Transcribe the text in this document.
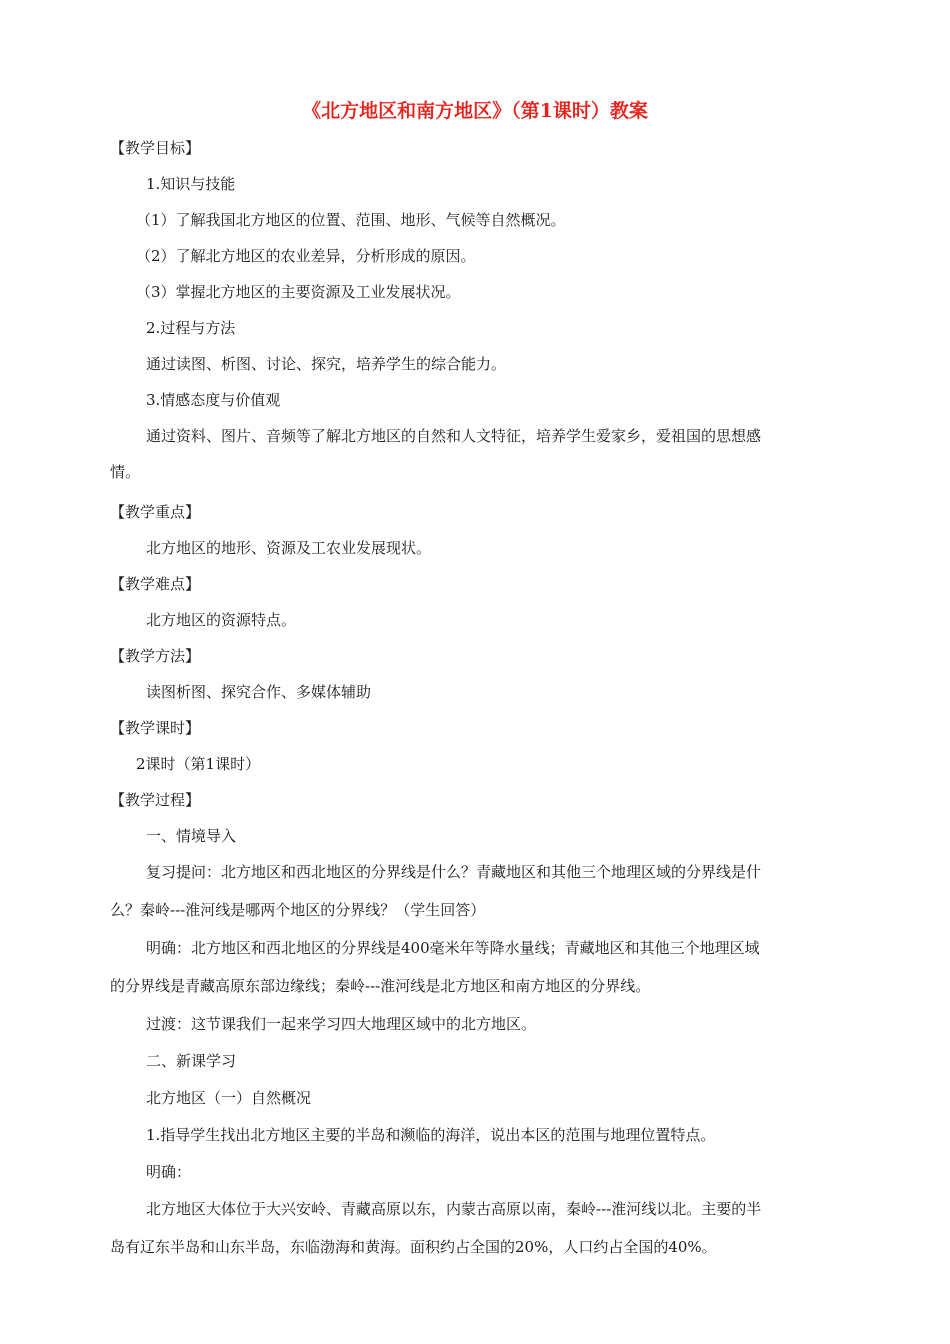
《北方地区和南方地区》（第1课时）教案
【教学目标】
1.知识与技能
（1）了解我国北方地区的位置、范围、地形、气候等自然概况。
（2）了解北方地区的农业差异，分析形成的原因。
（3）掌握北方地区的主要资源及工业发展状况。
2.过程与方法
通过读图、析图、讨论、探究，培养学生的综合能力。
3.情感态度与价值观
通过资料、图片、音频等了解北方地区的自然和人文特征，培养学生爱家乡，爱祖国的思想感
情。
【教学重点】
北方地区的地形、资源及工农业发展现状。
【教学难点】
北方地区的资源特点。
【教学方法】
读图析图、探究合作、多媒体辅助
【教学课时】
2课时（第1课时）
【教学过程】
一、情境导入
复习提问：北方地区和西北地区的分界线是什么？青藏地区和其他三个地理区域的分界线是什
么？秦岭---淮河线是哪两个地区的分界线？（学生回答）
明确：北方地区和西北地区的分界线是400毫米年等降水量线；青藏地区和其他三个地理区域
的分界线是青藏高原东部边缘线；秦岭---淮河线是北方地区和南方地区的分界线。
过渡：这节课我们一起来学习四大地理区域中的北方地区。
二、新课学习
北方地区（一）自然概况
1.指导学生找出北方地区主要的半岛和濒临的海洋，说出本区的范围与地理位置特点。
明确：
北方地区大体位于大兴安岭、青藏高原以东，内蒙古高原以南，秦岭---淮河线以北。主要的半
岛有辽东半岛和山东半岛，东临渤海和黄海。面积约占全国的20%，人口约占全国的40%。
